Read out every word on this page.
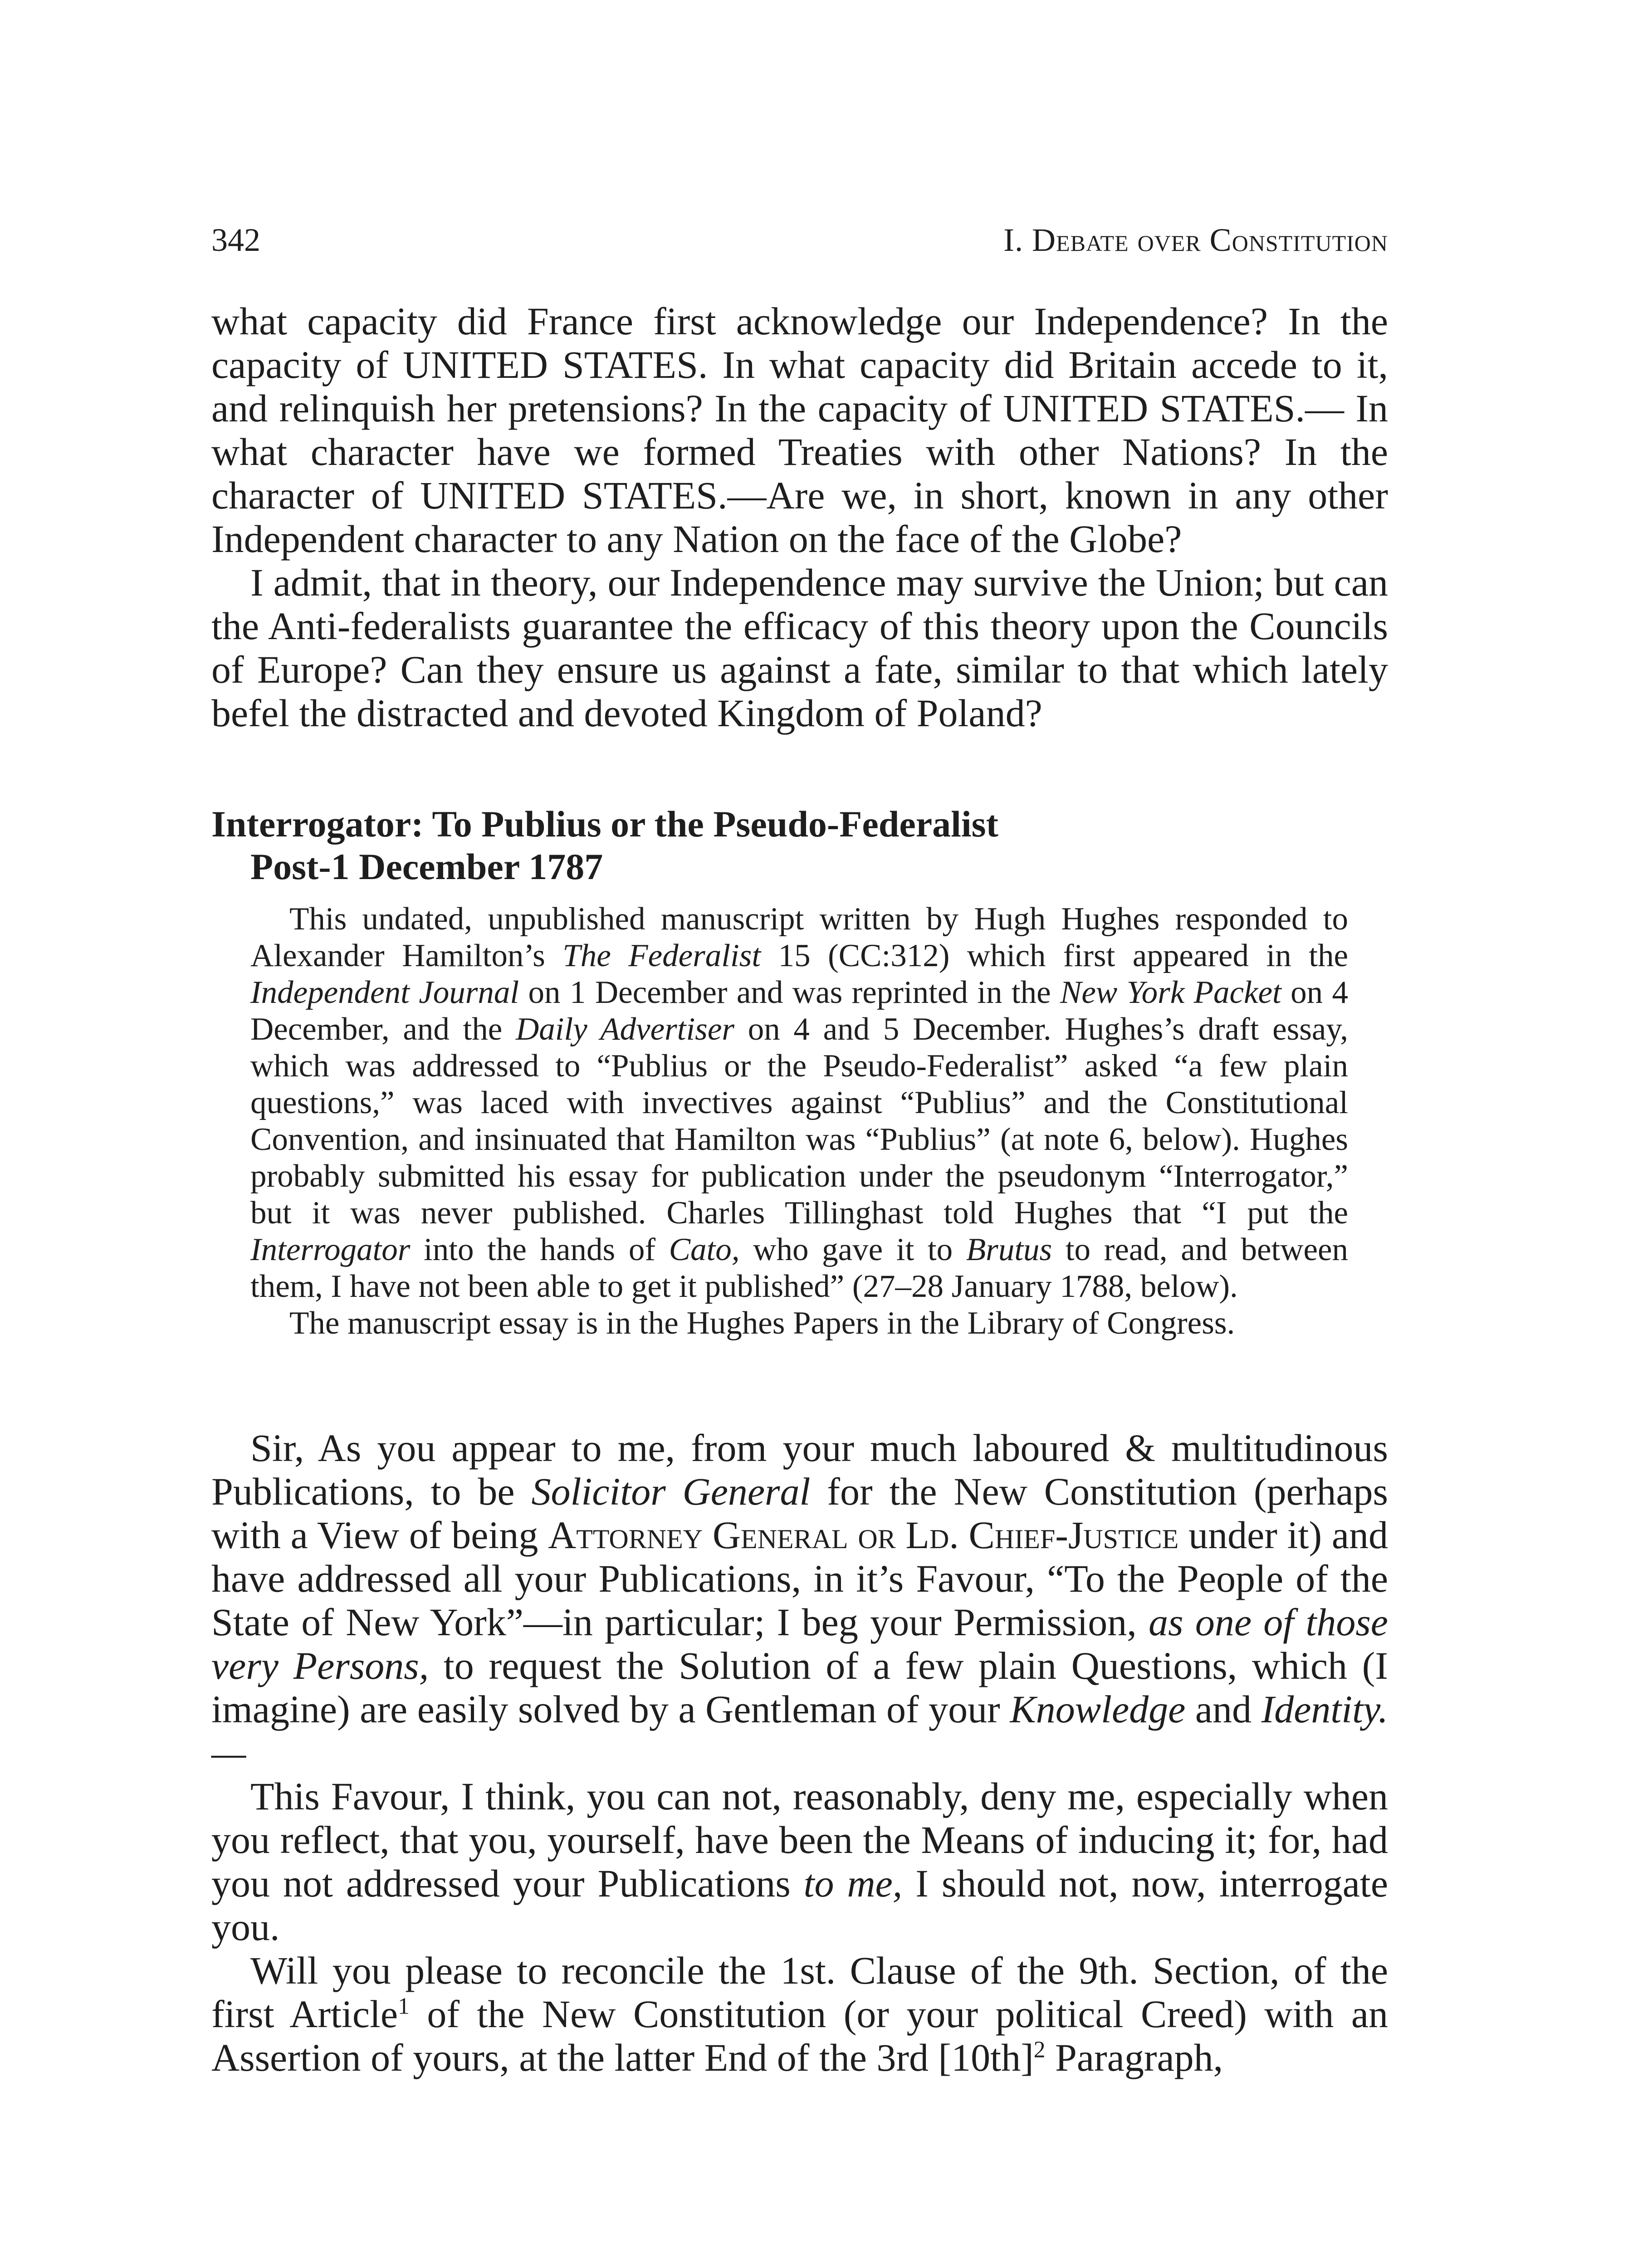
342	I. Debate over Constitution

what capacity did France first acknowledge our Independence? In the capacity of UNITED STATES. In what capacity did Britain accede to it, and relinquish her pretensions? In the capacity of UNITED STATES.— In what character have we formed Treaties with other Nations? In the character of UNITED STATES.—Are we, in short, known in any other Independent character to any Nation on the face of the Globe?

I admit, that in theory, our Independence may survive the Union; but can the Anti-federalists guarantee the efficacy of this theory upon the Councils of Europe? Can they ensure us against a fate, similar to that which lately befel the distracted and devoted Kingdom of Poland?

Interrogator: To Publius or the Pseudo-Federalist
Post-1 December 1787

This undated, unpublished manuscript written by Hugh Hughes responded to Alexander Hamilton’s The Federalist 15 (CC:312) which first appeared in the Independent Journal on 1 December and was reprinted in the New York Packet on 4 December, and the Daily Advertiser on 4 and 5 December. Hughes’s draft essay, which was addressed to “Publius or the Pseudo-Federalist” asked “a few plain questions,” was laced with invectives against “Publius” and the Constitutional Convention, and insinuated that Hamilton was “Publius” (at note 6, below). Hughes probably submitted his essay for publication under the pseudonym “Interrogator,” but it was never published. Charles Tillinghast told Hughes that “I put the Interrogator into the hands of Cato, who gave it to Brutus to read, and between them, I have not been able to get it published” (27–28 January 1788, below).

The manuscript essay is in the Hughes Papers in the Library of Congress.

Sir, As you appear to me, from your much laboured & multitudinous Publications, to be Solicitor General for the New Constitution (perhaps with a View of being Attorney General or Ld. Chief-Justice under it) and have addressed all your Publications, in it’s Favour, “To the People of the State of New York”—in particular; I beg your Permission, as one of those very Persons, to request the Solution of a few plain Questions, which (I imagine) are easily solved by a Gentleman of your Knowledge and Identity.—

This Favour, I think, you can not, reasonably, deny me, especially when you reflect, that you, yourself, have been the Means of inducing it; for, had you not addressed your Publications to me, I should not, now, interrogate you.

Will you please to reconcile the 1st. Clause of the 9th. Section, of the first Article$^1$ of the New Constitution (or your political Creed) with an Assertion of yours, at the latter End of the 3rd $[10th]^2$ Paragraph,
